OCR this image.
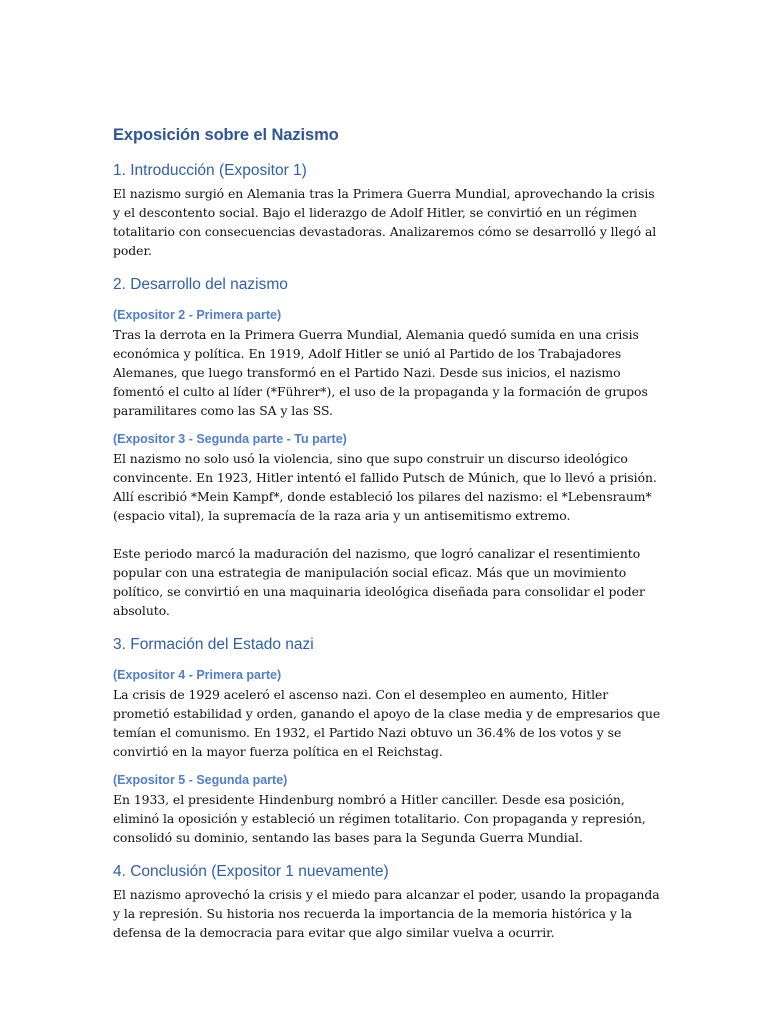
Exposición sobre el Nazismo
1. Introducción (Expositor 1)

El nazismo surgió en Alemania tras la Primera Guerra Mundial, aprovechando la crisis y el descontento social. Bajo el liderazgo de Adolf Hitler, se convirtió en un régimen totalitario con consecuencias devastadoras. Analizaremos cómo se desarrolló y llegó al poder.

2. Desarrollo del nazismo
(Expositor 2 - Primera parte)

Tras la derrota en la Primera Guerra Mundial, Alemania quedó sumida en una crisis económica y política. En 1919, Adolf Hitler se unió al Partido de los Trabajadores Alemanes, que luego transformó en el Partido Nazi. Desde sus inicios, el nazismo fomentó el culto al líder (*Führer*), el uso de la propaganda y la formación de grupos paramilitares como las SA y las SS.

(Expositor 3 - Segunda parte - Tu parte)

El nazismo no solo usó la violencia, sino que supo construir un discurso ideológico convincente. En 1923, Hitler intentó el fallido Putsch de Múnich, que lo llevó a prisión. Allí escribió *Mein Kampf*, donde estableció los pilares del nazismo: el *Lebensraum* (espacio vital), la supremacía de la raza aria y un antisemitismo extremo.

Este periodo marcó la maduración del nazismo, que logró canalizar el resentimiento popular con una estrategia de manipulación social eficaz. Más que un movimiento político, se convirtió en una maquinaria ideológica diseñada para consolidar el poder absoluto.

3. Formación del Estado nazi
(Expositor 4 - Primera parte)

La crisis de 1929 aceleró el ascenso nazi. Con el desempleo en aumento, Hitler prometió estabilidad y orden, ganando el apoyo de la clase media y de empresarios que temían el comunismo. En 1932, el Partido Nazi obtuvo un 36.4% de los votos y se convirtió en la mayor fuerza política en el Reichstag.

(Expositor 5 - Segunda parte)

En 1933, el presidente Hindenburg nombró a Hitler canciller. Desde esa posición, eliminó la oposición y estableció un régimen totalitario. Con propaganda y represión, consolidó su dominio, sentando las bases para la Segunda Guerra Mundial.

4. Conclusión (Expositor 1 nuevamente)

El nazismo aprovechó la crisis y el miedo para alcanzar el poder, usando la propaganda y la represión. Su historia nos recuerda la importancia de la memoria histórica y la defensa de la democracia para evitar que algo similar vuelva a ocurrir.
